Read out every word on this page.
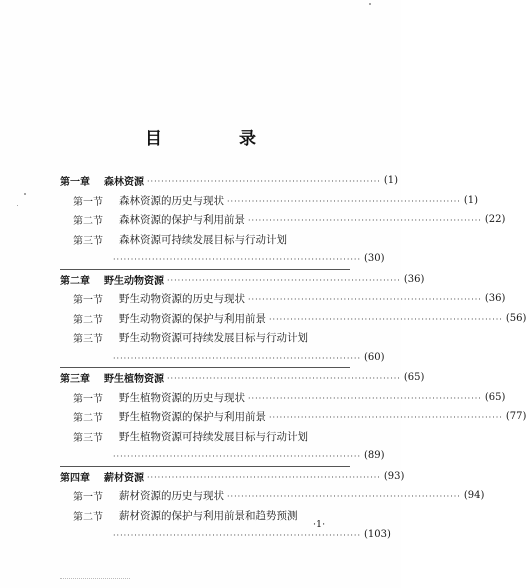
目　录
第一章	森林资源 ·································································· (1)
第一节	森林资源的历史与现状 ·································································· (1)
第二节	森林资源的保护与利用前景 ·································································· (22)
第三节	森林资源可持续发展目标与行动计划
······································································ (30)
第二章	野生动物资源 ·································································· (36)
第一节	野生动物资源的历史与现状 ·································································· (36)
第二节	野生动物资源的保护与利用前景 ·································································· (56)
第三节	野生动物资源可持续发展目标与行动计划
······································································ (60)
第三章	野生植物资源 ·································································· (65)
第一节	野生植物资源的历史与现状 ·································································· (65)
第二节	野生植物资源的保护与利用前景 ·································································· (77)
第三节	野生植物资源可持续发展目标与行动计划
······································································ (89)
第四章	薪材资源 ·································································· (93)
第一节	薪材资源的历史与现状 ·································································· (94)
第二节	薪材资源的保护与利用前景和趋势预测
······································································ (103)
·1·
